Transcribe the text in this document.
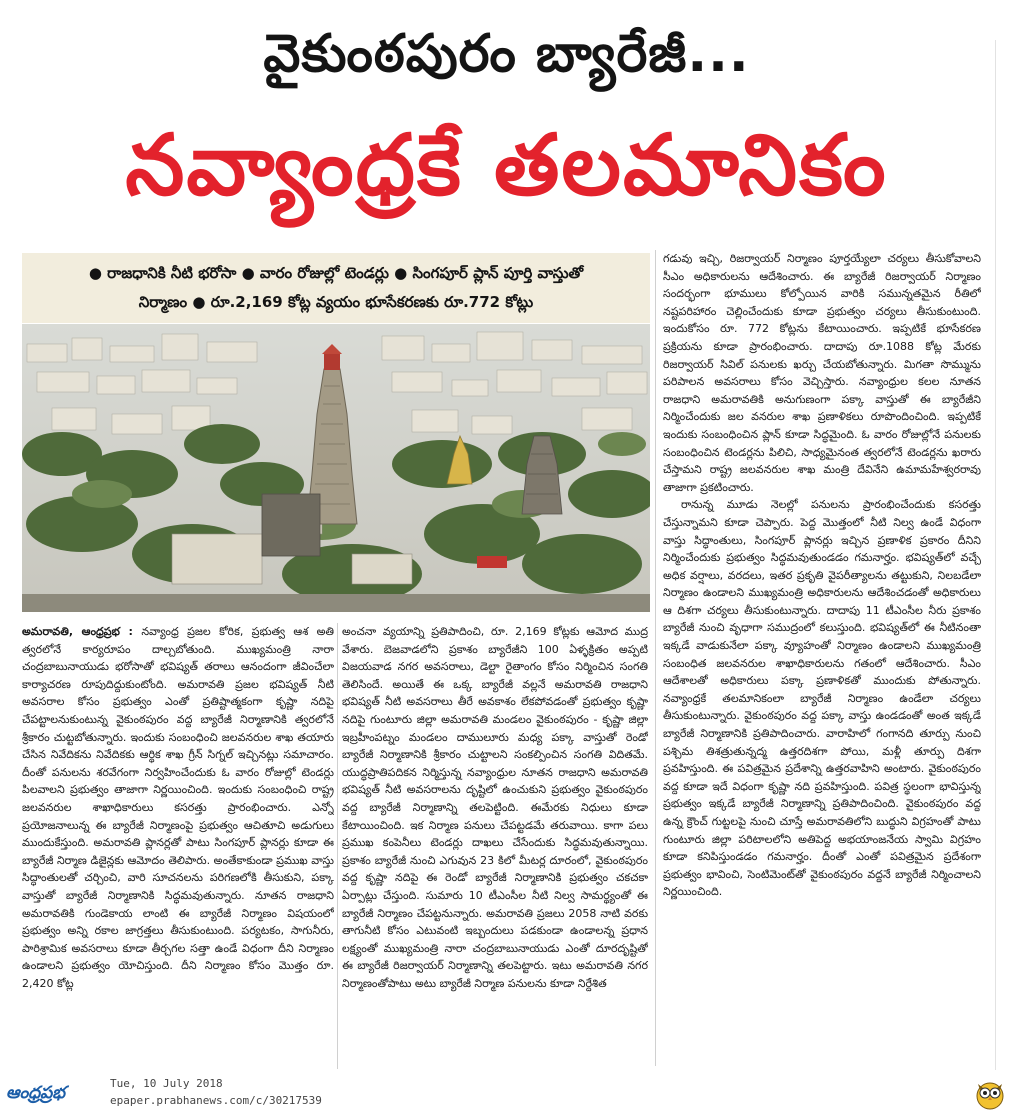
వైకుంఠపురం బ్యారేజీ...
నవ్యాంధ్రకే తలమానికం
● రాజధానికి నీటి భరోసా ● వారం రోజుల్లో టెండర్లు ● సింగపూర్ ప్లాన్ పూర్తి వాస్తుతో
నిర్మాణం ● రూ.2,169 కోట్ల వ్యయం భూసేకరణకు రూ.772 కోట్లు

అమరావతి, ఆంధ్రప్రభ : నవ్యాంధ్ర ప్రజల కోరిక, ప్రభుత్వ ఆశ అతి త్వరలోనే కార్యరూపం దాల్చబోతుంది. ముఖ్యమంత్రి నారా చంద్రబాబునాయుడు భరోసాతో భవిష్యత్ తరాలు ఆనందంగా జీవించేలా కార్యాచరణ రూపుదిద్దుకుంటోంది. అమరావతి ప్రజల భవిష్యత్ నీటి అవసరాల కోసం ప్రభుత్వం ఎంతో ప్రతిష్టాత్మకంగా కృష్ణా నదిపై చేపట్టాలనుకుంటున్న వైకుంఠపురం వద్ద బ్యారేజీ నిర్మాణానికి త్వరలోనే శ్రీకారం చుట్టబోతున్నారు. ఇందుకు సంబంధించి జలవనరుల శాఖ తయారు చేసిన నివేదికను నివేదికకు ఆర్థిక శాఖ గ్రీన్ సిగ్నల్ ఇచ్చినట్లు సమాచారం. దీంతో పనులను శరవేగంగా నిర్వహించేందుకు ఓ వారం రోజుల్లో టెండర్లు పిలవాలని ప్రభుత్వం తాజాగా నిర్ణయించింది. ఇందుకు సంబంధించి రాష్ట్ర జలవనరుల శాఖాధికారులు కసరత్తు ప్రారంభించారు. ఎన్నో ప్రయోజనాలున్న ఈ బ్యారేజీ నిర్మాణంపై ప్రభుత్వం ఆచితూచి అడుగులు ముందుకేస్తుంది. అమరావతి ప్లానర్లతో పాటు సింగపూర్ ప్లానర్లు కూడా ఈ బ్యారేజీ నిర్మాణ డిజైన్లకు ఆమోదం తెలిపారు. అంతేకాకుండా ప్రముఖ వాస్తు సిద్ధాంతులతో చర్చించి, వారి సూచనలను పరిగణలోకి తీసుకుని, పక్కా వాస్తుతో బ్యారేజీ నిర్మాణానికి సిద్ధమవుతున్నారు. నూతన రాజధాని అమరావతికి గుండెకాయ లాంటి ఈ బ్యారేజీ నిర్మాణం విషయంలో ప్రభుత్వం అన్ని రకాల జాగ్రత్తలు తీసుకుంటుంది. పర్యటకం, సాగునీరు, పారిశ్రామిక అవసరాలు కూడా తీర్చగల సత్తా ఉండే విధంగా దీని నిర్మాణం ఉండాలని ప్రభుత్వం యోచిస్తుంది. దీని నిర్మాణం కోసం మొత్తం రూ. 2,420 కోట్ల

అంచనా వ్యయాన్ని ప్రతిపాదించి, రూ. 2,169 కోట్లకు ఆమోద ముద్ర వేశారు. బెజవాడలోని ప్రకాశం బ్యారేజీని 100 ఏళ్ళక్రితం అప్పటి విజయవాడ నగర అవసరాలు, డెల్టా రైతాంగం కోసం నిర్మించిన సంగతి తెలిసిందే. అయితే ఈ ఒక్క బ్యారేజీ వల్లనే అమరావతి రాజధాని భవిష్యత్ నీటి అవసరాలు తీరే అవకాశం లేకపోవడంతో ప్రభుత్వం కృష్ణా నదిపై గుంటూరు జిల్లా అమరావతి మండలం వైకుంఠపురం - కృష్ణా జిల్లా ఇబ్రహీంపట్నం మండలం దాములూరు మధ్య పక్కా వాస్తుతో రెండో బ్యారేజీ నిర్మాణానికి శ్రీకారం చుట్టాలని సంకల్పించిన సంగతి విదితమే. యుద్ధప్రాతిపదికన నిర్మిస్తున్న నవ్యాంధ్రుల నూతన రాజధాని అమరావతి భవిష్యత్ నీటి అవసరాలను దృష్టిలో ఉంచుకుని ప్రభుత్వం వైకుంఠపురం వద్ద బ్యారేజీ నిర్మాణాన్ని తలపెట్టింది. ఈమేరకు నిధులు కూడా కేటాయించింది. ఇక నిర్మాణ పనులు చేపట్టడమే తరువాయి. కాగా పలు ప్రముఖ కంపెనీలు టెండర్లు దాఖలు చేసేందుకు సిద్ధమవుతున్నాయి. ప్రకాశం బ్యారేజీ నుంచి ఎగువున 23 కిలో మీటర్ల దూరంలో, వైకుంఠపురం వద్ద కృష్ణా నదిపై ఈ రెండో బ్యారేజీ నిర్మాణానికి ప్రభుత్వం చకచకా ఏర్పాట్లు చేస్తుంది. సుమారు 10 టీఎంసీల నీటి నిల్వ సామర్థ్యంతో ఈ బ్యారేజీ నిర్మాణం చేపట్టనున్నారు. అమరావతి ప్రజలు 2058 నాటి వరకు తాగునీటి కోసం ఎటువంటి ఇబ్బందులు పడకుండా ఉండాలన్న ప్రధాన లక్ష్యంతో ముఖ్యమంత్రి నారా చంద్రబాబునాయుడు ఎంతో దూరదృష్టితో ఈ బ్యారేజీ రిజర్వాయర్ నిర్మాణాన్ని తలపెట్టారు. ఇటు అమరావతి నగర నిర్మాణంతోపాటు అటు బ్యారేజీ నిర్మాణ పనులను కూడా నిర్దేశిత

గడువు ఇచ్చి, రిజర్వాయర్ నిర్మాణం పూర్తయ్యేలా చర్యలు తీసుకోవాలని సీఎం అధికారులను ఆదేశించారు. ఈ బ్యారేజీ రిజర్వాయర్ నిర్మాణం సందర్భంగా భూములు కోల్పోయిన వారికి సమున్నతమైన రీతిలో నష్టపరిహారం చెల్లించేందుకు కూడా ప్రభుత్వం చర్యలు తీసుకుంటుంది. ఇందుకోసం రూ. 772 కోట్లను కేటాయించారు. ఇప్పటికే భూసేకరణ ప్రక్రియను కూడా ప్రారంభించారు. దాదాపు రూ.1088 కోట్ల మేరకు రిజర్వాయర్ సివిల్ పనులకు ఖర్చు చేయబోతున్నారు. మిగతా సొమ్మును పరిపాలన అవసరాలు కోసం వెచ్చిస్తారు. నవ్యాంధ్రుల కలల నూతన రాజధాని అమరావతికి అనుగుణంగా పక్కా వాస్తుతో ఈ బ్యారేజీని నిర్మించేందుకు జల వనరుల శాఖ ప్రణాళికలు రూపొందించింది. ఇప్పటికే ఇందుకు సంబంధించిన ప్లాన్ కూడా సిద్ధమైంది. ఓ వారం రోజుల్లోనే పనులకు సంబంధించిన టెండర్లను పిలిచి, సాధ్యమైనంత త్వరలోనే టెండర్లను ఖరారు చేస్తామని రాష్ట్ర జలవనరుల శాఖ మంత్రి దేవినేని ఉమామహేశ్వరరావు తాజాగా ప్రకటించారు.

రానున్న మూడు నెలల్లో పనులను ప్రారంభించేందుకు కసరత్తు చేస్తున్నామని కూడా చెప్పారు. పెద్ద మొత్తంలో నీటి నిల్వ ఉండే విధంగా వాస్తు సిద్ధాంతులు, సింగపూర్ ప్లానర్లు ఇచ్చిన ప్రణాళిక ప్రకారం దీనిని నిర్మించేందుకు ప్రభుత్వం సిద్ధమవుతుండడం గమనార్హం. భవిష్యత్‌లో వచ్చే అధిక వర్షాలు, వరదలు, ఇతర ప్రకృతి వైపరీత్యాలను తట్టుకుని, నిలబడేలా నిర్మాణం ఉండాలని ముఖ్యమంత్రి అధికారులను ఆదేశించడంతో అధికారులు ఆ దిశగా చర్యలు తీసుకుంటున్నారు. దాదాపు 11 టీఎంసీల నీరు ప్రకాశం బ్యారేజీ నుంచి వృధాగా సముద్రంలో కలుస్తుంది. భవిష్యత్‌లో ఈ నీటినంతా ఇక్కడే వాడుకునేలా పక్కా వ్యూహంతో నిర్మాణం ఉండాలని ముఖ్యమంత్రి సంబంధిత జలవనరుల శాఖాధికారులను గతంలో ఆదేశించారు. సీఎం ఆదేశాలతో అధికారులు పక్కా ప్రణాళికతో ముందుకు పోతున్నారు. నవ్యాంధ్రకే తలమానికంలా బ్యారేజీ నిర్మాణం ఉండేలా చర్యలు తీసుకుంటున్నారు. వైకుంఠపురం వద్ద పక్కా వాస్తు ఉండడంతో అంత ఇక్కడే బ్యారేజీ నిర్మాణానికి ప్రతిపాదించారు. వారాహిలో గంగానది తూర్పు నుంచి పశ్చిమ తిశత్రుతున్నద్మ ఉత్తరదిశగా పోయి, మళ్లీ తూర్పు దిశగా ప్రవహిస్తుంది. ఈ పవిత్రమైన ప్రదేశాన్ని ఉత్తరవాహిని అంటారు. వైకుంఠపురం వద్ద కూడా ఇదే విధంగా కృష్ణా నది ప్రవహిస్తుంది. పవిత్ర స్థలంగా భావిస్తున్న ప్రభుత్వం ఇక్కడే బ్యారేజీ నిర్మాణాన్ని ప్రతిపాదించింది. వైకుంఠపురం వద్ద ఉన్న క్రౌంచ్ గుట్టలపై నుంచి చూస్తే అమరావతిలోని బుద్ధుని విగ్రహంతో పాటు గుంటూరు జిల్లా పరిటాలలోని అతిపెద్ద అభయాంజనేయ స్వామి విగ్రహం కూడా కనిపిస్తుండడం గమనార్హం. దీంతో ఎంతో పవిత్రమైన ప్రదేశంగా ప్రభుత్వం భావించి, సెంటిమెంట్‌తో వైకుంఠపురం వద్దనే బ్యారేజీ నిర్మించాలని నిర్ణయించింది.

ఆంధ్రప్రభ	Tue, 10 July 2018
epaper.prabhanews.com/c/30217539
